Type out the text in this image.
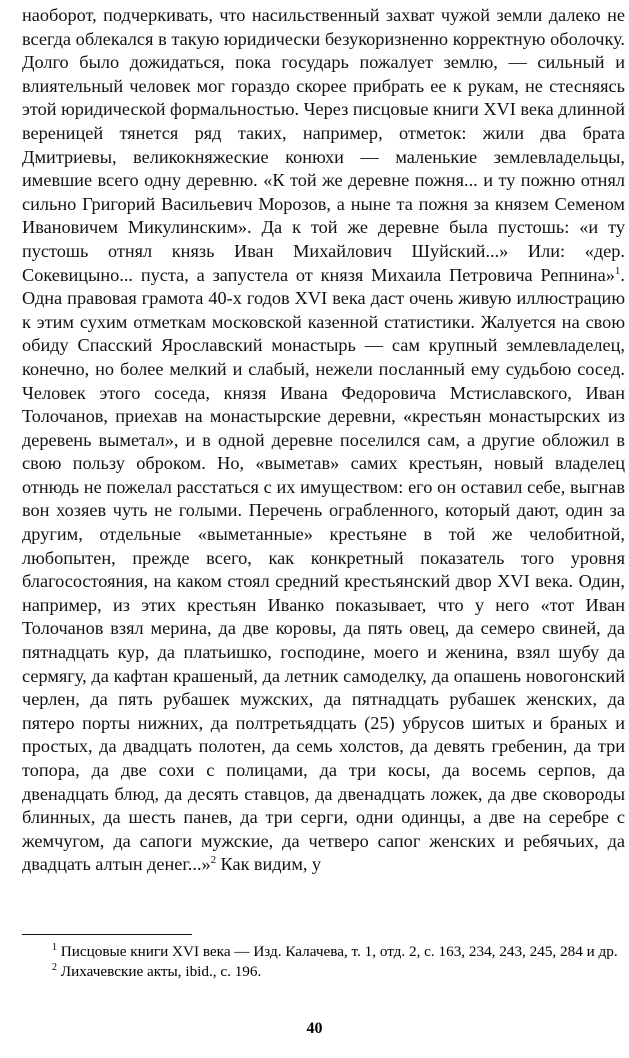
наоборот, подчеркивать, что насильственный захват чужой земли далеко не всегда облекался в такую юридически безукоризненно корректную оболочку. Долго было дожидаться, пока государь пожалует землю, — сильный и влиятельный человек мог гораздо скорее прибрать ее к рукам, не стесняясь этой юридической формальностью. Через писцовые книги XVI века длинной вереницей тянется ряд таких, например, отметок: жили два брата Дмитриевы, великокняжеские конюхи — маленькие землевладельцы, имевшие всего одну деревню. «К той же деревне пожня... и ту пожню отнял сильно Григорий Васильевич Морозов, а ныне та пожня за князем Семеном Ивановичем Микулинским». Да к той же деревне была пустошь: «и ту пустошь отнял князь Иван Михайлович Шуйский...» Или: «дер. Сокевицыно... пуста, а запустела от князя Михаила Петровича Репнина»$^1$. Одна правовая грамота 40-х годов XVI века даст очень живую иллюстрацию к этим сухим отметкам московской казенной статистики. Жалуется на свою обиду Спасский Ярославский монастырь — сам крупный землевладелец, конечно, но более мелкий и слабый, нежели посланный ему судьбою сосед. Человек этого соседа, князя Ивана Федоровича Мстиславского, Иван Толочанов, приехав на монастырские деревни, «крестьян монастырских из деревень выметал», и в одной деревне поселился сам, а другие обложил в свою пользу оброком. Но, «выметав» самих крестьян, новый владелец отнюдь не пожелал расстаться с их имуществом: его он оставил себе, выгнав вон хозяев чуть не голыми. Перечень ограбленного, который дают, один за другим, отдельные «выметанные» крестьяне в той же челобитной, любопытен, прежде всего, как конкретный показатель того уровня благосостояния, на каком стоял средний крестьянский двор XVI века. Один, например, из этих крестьян Иванко показывает, что у него «тот Иван Толочанов взял мерина, да две коровы, да пять овец, да семеро свиней, да пятнадцать кур, да платьишко, господине, моего и женина, взял шубу да сермягу, да кафтан крашеный, да летник самоделку, да опашень новогонский черлен, да пять рубашек мужских, да пятнадцать рубашек женских, да пятеро порты нижних, да полтретьядцать (25) убрусов шитых и браных и простых, да двадцать полотен, да семь холстов, да девять гребенин, да три топора, да две сохи с полицами, да три косы, да восемь серпов, да двенадцать блюд, да десять ставцов, да двенадцать ложек, да две сковороды блинных, да шесть панев, да три серги, одни одинцы, а две на серебре с жемчугом, да сапоги мужские, да четверо сапог женских и ребячьих, да двадцать алтын денег...»$^2$ Как видим, у

$^1$ Писцовые книги XVI века — Изд. Калачева, т. 1, отд. 2, с. 163, 234, 243, 245, 284 и др.

$^2$ Лихачевские акты, ibid., с. 196.

40
